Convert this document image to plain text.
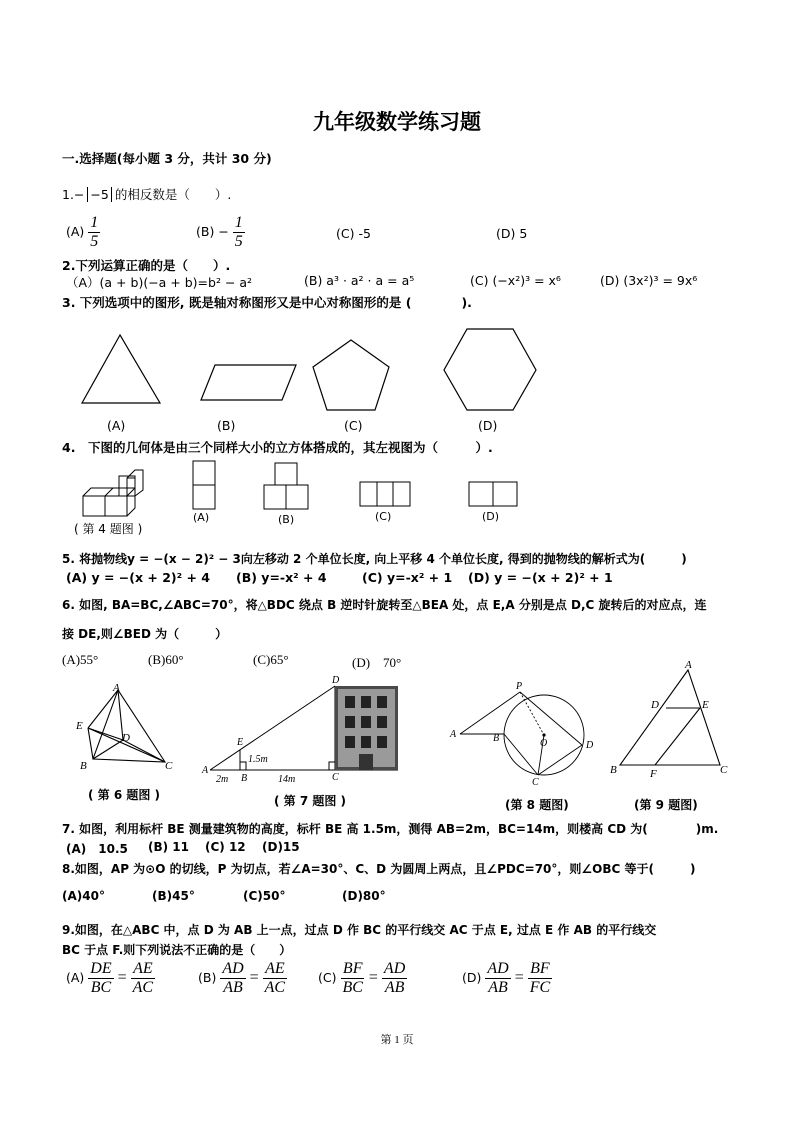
九年级数学练习题
一.选择题(每小题 3 分，共计 30 分)
1.− −5 的相反数是（　　）.
$(A) \frac{1}{5}$	$(B) - \frac{1}{5}$	(C) -5	(D) 5
2.下列运算正确的是（　　）.
（A）(a + b)(−a + b)=b² − a²	(B) a³ · a² · a = a⁵	(C) (−x²)³ = x⁶	(D) (3x²)³ = 9x⁶
3. 下列选项中的图形, 既是轴对称图形又是中心对称图形的是 (　　　　).
(A)	(B)	(C)	(D)
4.　下图的几何体是由三个同样大小的立方体搭成的，其左视图为（　　　）.
( 第 4 题图 )
(A)	(B)	(C)	(D)
5. 将抛物线y = −(x − 2)² − 3向左移动 2 个单位长度, 向上平移 4 个单位长度, 得到的抛物线的解析式为(　　　)
(A) y = −(x + 2)² + 4 (B) y=-x² + 4	(C) y=-x² + 1 (D) y = −(x + 2)² + 1
6. 如图, BA=BC,∠ABC=70°，将△BDC 绕点 B 逆时针旋转至△BEA 处，点 E,A 分别是点 D,C 旋转后的对应点，连
接 DE,则∠BED 为（　　　）
(A)55°	(B)60°	(C)65°	(D)　70°
A
E
D
B	C	A
B	C
D
E
1.5m
2m	14m
P
A	B	O	D
C
A
D	E
B	F	C
( 第 6 题图 )	( 第 7 题图 )	(第 8 题图)	(第 9 题图)
7. 如图，利用标杆 BE 测量建筑物的高度，标杆 BE 高 1.5m，测得 AB=2m，BC=14m，则楼高 CD 为(　　　　)m.
(A)　10.5 (B) 11 (C) 12 (D)15
8.如图，AP 为⊙O 的切线，P 为切点，若∠A=30°、C、D 为圆周上两点，且∠PDC=70°，则∠OBC 等于(　　　)
(A)40°	(B)45°	(C)50°	(D)80°
9.如图，在△ABC 中，点 D 为 AB 上一点，过点 D 作 BC 的平行线交 AC 于点 E, 过点 E 作 AB 的平行线交
BC 于点 F.则下列说法不正确的是（　　）
$(A) \frac{DE}{BC} = \frac{AE}{AC}$	$(B) \frac{AD}{AB} = \frac{AE}{AC} (C) \frac{BF}{BC} = \frac{AD}{AB}$	$(D) \frac{AD}{AB} = \frac{BF}{FC}$
第 1 页
